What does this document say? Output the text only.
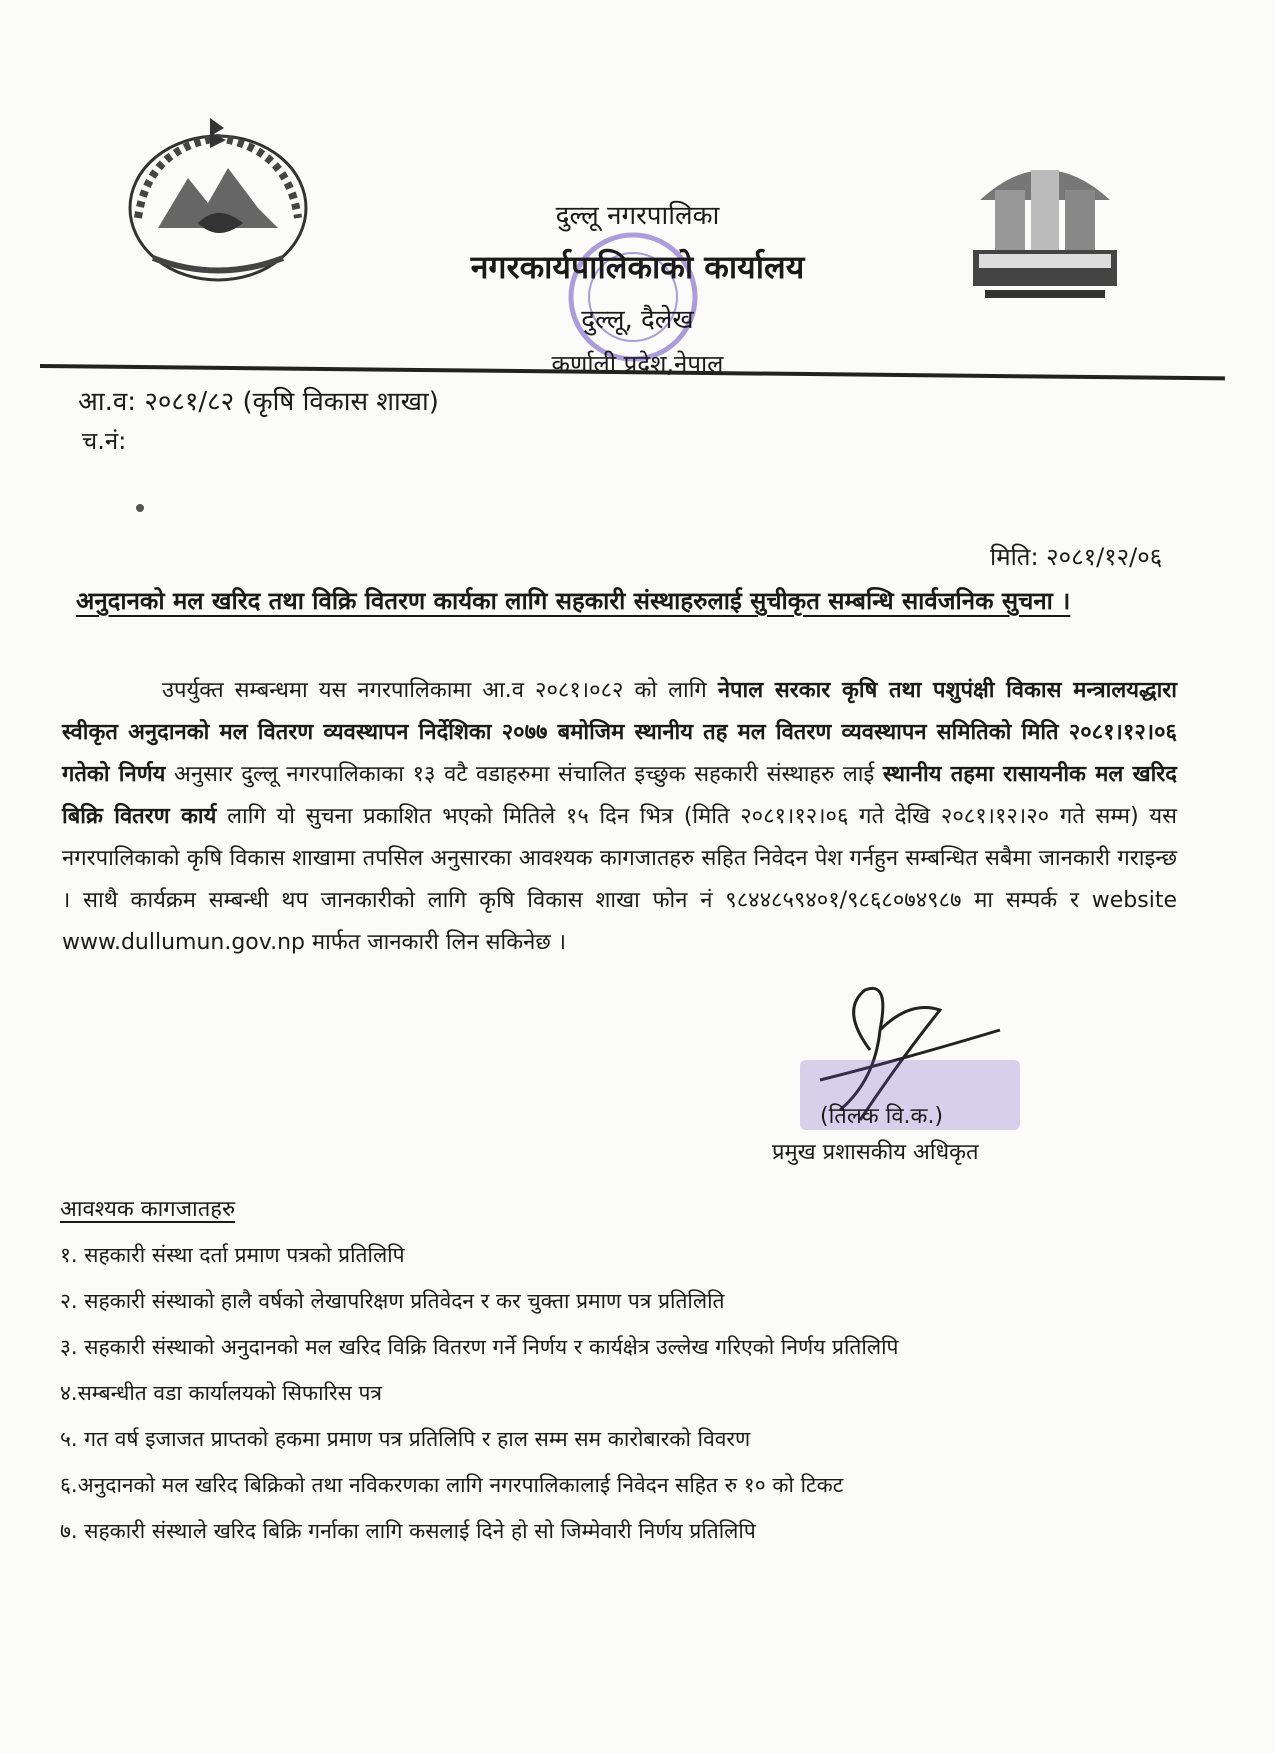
दुल्लू नगरपालिका
नगरकार्यपालिकाको कार्यालय
दुल्लू, दैलेख
कर्णाली प्रदेश,नेपाल
आ.व: २०८१/८२ (कृषि विकास शाखा)
च.नं:
मिति: २०८१/१२/०६
अनुदानको मल खरिद तथा विक्रि वितरण कार्यका लागि सहकारी संस्थाहरुलाई सुचीकृत सम्बन्धि सार्वजनिक सुचना ।
उपर्युक्त सम्बन्धमा यस नगरपालिकामा आ.व २०८१।०८२ को लागि नेपाल सरकार कृषि तथा पशुपंक्षी विकास मन्त्रालयद्धारा स्वीकृत अनुदानको मल वितरण व्यवस्थापन निर्देशिका २०७७ बमोजिम स्थानीय तह मल वितरण व्यवस्थापन समितिको मिति २०८१।१२।०६ गतेको निर्णय अनुसार दुल्लू नगरपालिकाका १३ वटै वडाहरुमा संचालित इच्छुक सहकारी संस्थाहरु लाई स्थानीय तहमा रासायनीक मल खरिद बिक्रि वितरण कार्य लागि यो सुचना प्रकाशित भएको मितिले १५ दिन भित्र (मिति २०८१।१२।०६ गते देखि २०८१।१२।२० गते सम्म) यस नगरपालिकाको कृषि विकास शाखामा तपसिल अनुसारका आवश्यक कागजातहरु सहित निवेदन पेश गर्नहुन सम्बन्धित सबैमा जानकारी गराइन्छ । साथै कार्यक्रम सम्बन्धी थप जानकारीको लागि कृषि विकास शाखा फोन नं ९८४४८५९४०१/९८६८०७४९८७ मा सम्पर्क र website www.dullumun.gov.np मार्फत जानकारी लिन सकिनेछ ।
(तिलक वि.क.)
प्रमुख प्रशासकीय अधिकृत
आवश्यक कागजातहरु
१. सहकारी संस्था दर्ता प्रमाण पत्रको प्रतिलिपि
२. सहकारी संस्थाको हालै वर्षको लेखापरिक्षण प्रतिवेदन र कर चुक्ता प्रमाण पत्र प्रतिलिति
३. सहकारी संस्थाको अनुदानको मल खरिद विक्रि वितरण गर्ने निर्णय र कार्यक्षेत्र उल्लेख गरिएको निर्णय प्रतिलिपि
४.सम्बन्धीत वडा कार्यालयको सिफारिस पत्र
५. गत वर्ष इजाजत प्राप्तको हकमा प्रमाण पत्र प्रतिलिपि र हाल सम्म सम कारोबारको विवरण
६.अनुदानको मल खरिद बिक्रिको तथा नविकरणका लागि नगरपालिकालाई निवेदन सहित रु १० को टिकट
७. सहकारी संस्थाले खरिद बिक्रि गर्नाका लागि कसलाई दिने हो सो जिम्मेवारी निर्णय प्रतिलिपि
